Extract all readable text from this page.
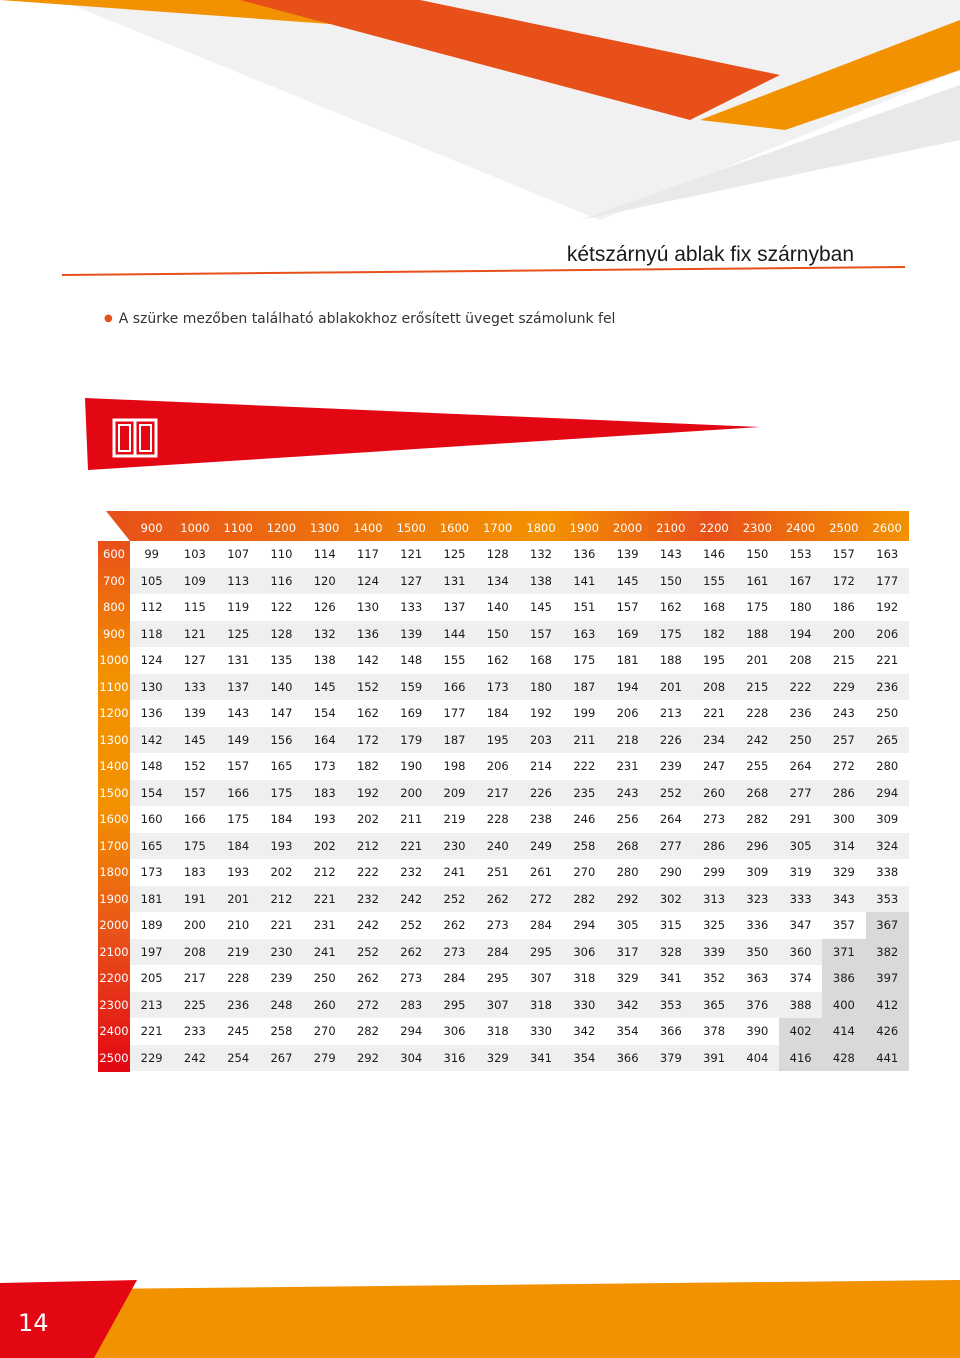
kétszárnyú ablak fix szárnyban
● A szürke mezőben található ablakokhoz erősített üveget számolunk fel
	900	1000	1100	1200	1300	1400	1500	1600	1700	1800	1900	2000	2100	2200	2300	2400	2500	2600
600	99	103	107	110	114	117	121	125	128	132	136	139	143	146	150	153	157	163
700	105	109	113	116	120	124	127	131	134	138	141	145	150	155	161	167	172	177
800	112	115	119	122	126	130	133	137	140	145	151	157	162	168	175	180	186	192
900	118	121	125	128	132	136	139	144	150	157	163	169	175	182	188	194	200	206
1000	124	127	131	135	138	142	148	155	162	168	175	181	188	195	201	208	215	221
1100	130	133	137	140	145	152	159	166	173	180	187	194	201	208	215	222	229	236
1200	136	139	143	147	154	162	169	177	184	192	199	206	213	221	228	236	243	250
1300	142	145	149	156	164	172	179	187	195	203	211	218	226	234	242	250	257	265
1400	148	152	157	165	173	182	190	198	206	214	222	231	239	247	255	264	272	280
1500	154	157	166	175	183	192	200	209	217	226	235	243	252	260	268	277	286	294
1600	160	166	175	184	193	202	211	219	228	238	246	256	264	273	282	291	300	309
1700	165	175	184	193	202	212	221	230	240	249	258	268	277	286	296	305	314	324
1800	173	183	193	202	212	222	232	241	251	261	270	280	290	299	309	319	329	338
1900	181	191	201	212	221	232	242	252	262	272	282	292	302	313	323	333	343	353
2000	189	200	210	221	231	242	252	262	273	284	294	305	315	325	336	347	357	367
2100	197	208	219	230	241	252	262	273	284	295	306	317	328	339	350	360	371	382
2200	205	217	228	239	250	262	273	284	295	307	318	329	341	352	363	374	386	397
2300	213	225	236	248	260	272	283	295	307	318	330	342	353	365	376	388	400	412
2400	221	233	245	258	270	282	294	306	318	330	342	354	366	378	390	402	414	426
2500	229	242	254	267	279	292	304	316	329	341	354	366	379	391	404	416	428	441
14
